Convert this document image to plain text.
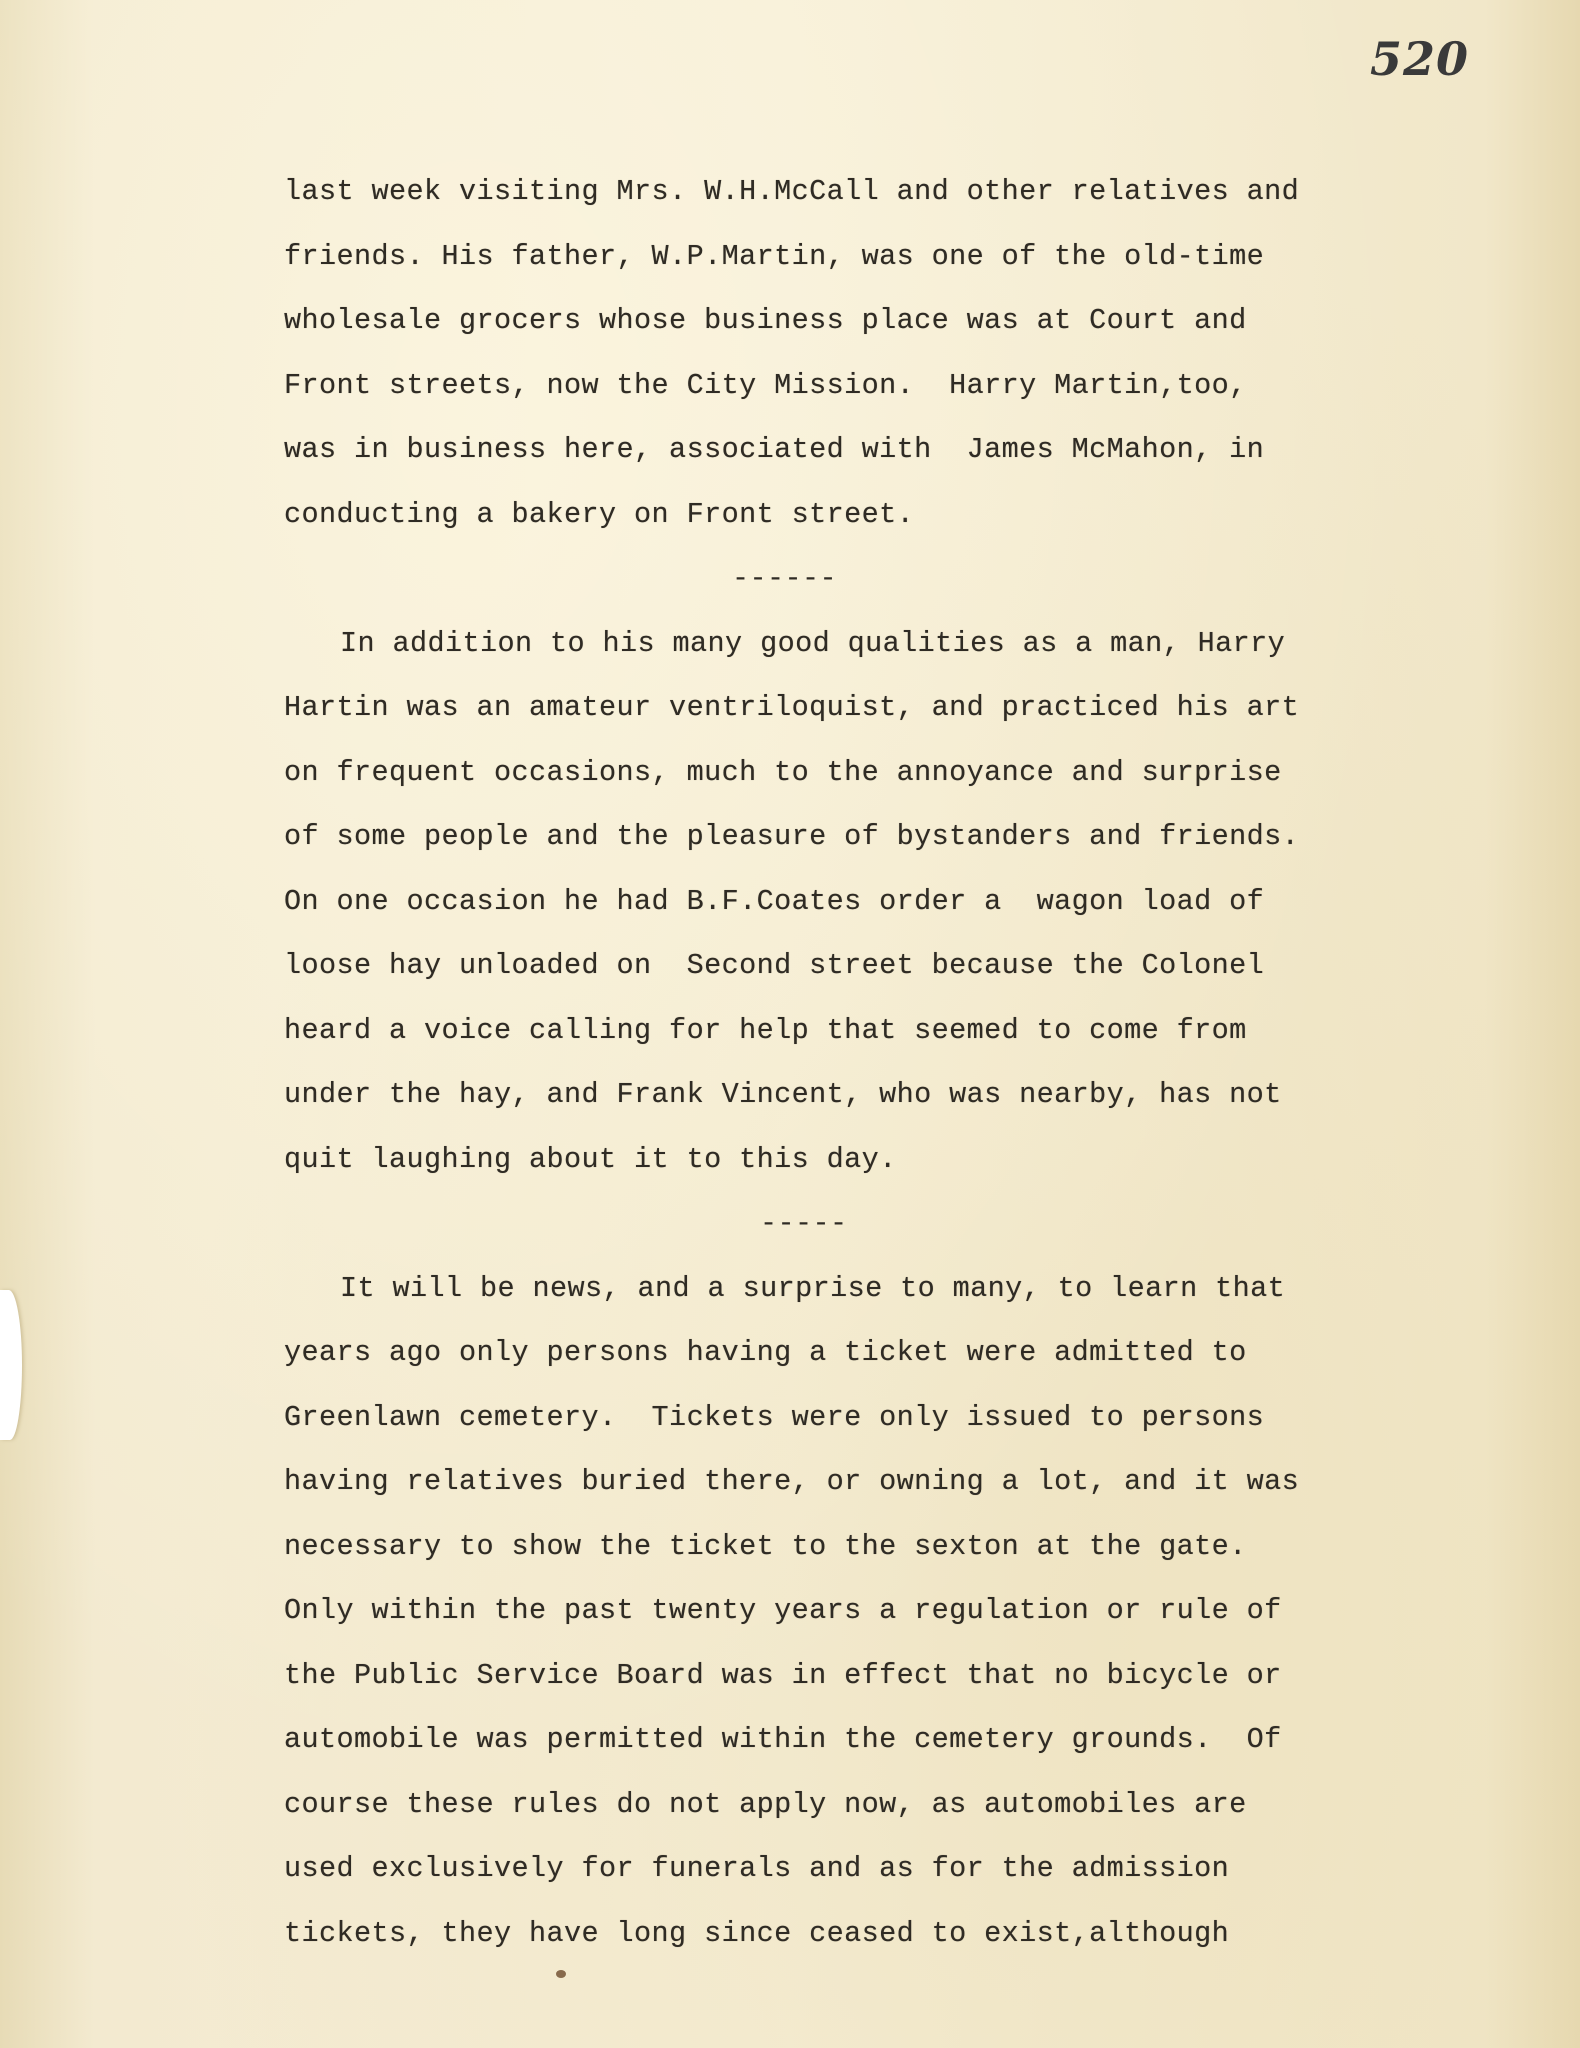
520
last week visiting Mrs. W.H.McCall and other relatives and
friends. His father, W.P.Martin, was one of the old-time
wholesale grocers whose business place was at Court and
Front streets, now the City Mission.  Harry Martin,too,
was in business here, associated with  James McMahon, in
conducting a bakery on Front street.
------
In addition to his many good qualities as a man, Harry
Hartin was an amateur ventriloquist, and practiced his art
on frequent occasions, much to the annoyance and surprise
of some people and the pleasure of bystanders and friends.
On one occasion he had B.F.Coates order a  wagon load of
loose hay unloaded on  Second street because the Colonel
heard a voice calling for help that seemed to come from
under the hay, and Frank Vincent, who was nearby, has not
quit laughing about it to this day.
-----
It will be news, and a surprise to many, to learn that
years ago only persons having a ticket were admitted to
Greenlawn cemetery.  Tickets were only issued to persons
having relatives buried there, or owning a lot, and it was
necessary to show the ticket to the sexton at the gate.
Only within the past twenty years a regulation or rule of
the Public Service Board was in effect that no bicycle or
automobile was permitted within the cemetery grounds.  Of
course these rules do not apply now, as automobiles are
used exclusively for funerals and as for the admission
tickets, they have long since ceased to exist,although
